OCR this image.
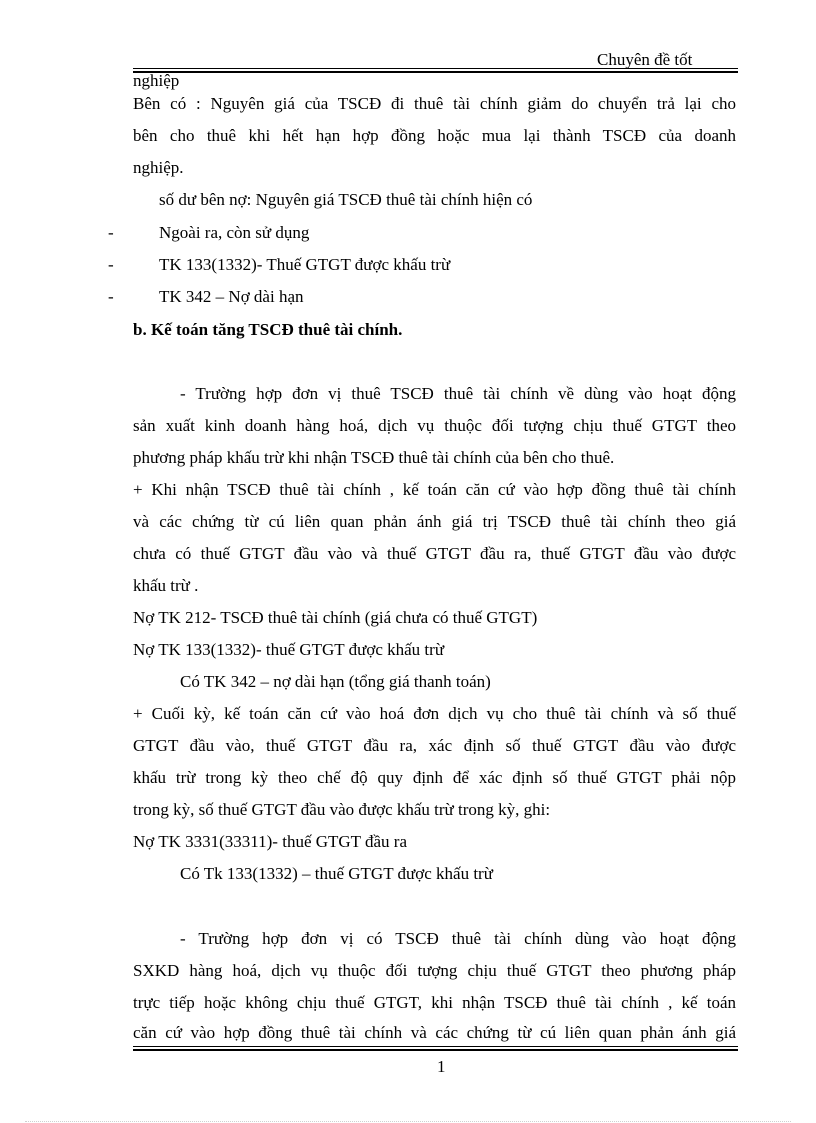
Chuyên đề tốt
nghiệp
Bên có : Nguyên giá của TSCĐ đi thuê tài chính giảm do chuyển trả lại cho
bên cho thuê khi hết hạn hợp đồng hoặc mua lại thành TSCĐ của doanh
nghiệp.
số dư bên nợ: Nguyên giá TSCĐ thuê tài chính hiện có
-	Ngoài ra, còn sử dụng
-	TK 133(1332)- Thuế GTGT được khấu trừ
-	TK 342 – Nợ dài hạn
b. Kế toán tăng TSCĐ thuê tài chính.
- Trường hợp đơn vị thuê TSCĐ thuê tài chính về dùng vào hoạt động
sản xuất kinh doanh hàng hoá, dịch vụ thuộc đối tượng chịu thuế GTGT theo
phương pháp khấu trừ khi nhận TSCĐ thuê tài chính của bên cho thuê.
+ Khi nhận TSCĐ thuê tài chính , kế toán căn cứ vào hợp đồng thuê tài chính
và các chứng từ cú liên quan phản ánh giá trị TSCĐ thuê tài chính theo giá
chưa có thuế GTGT đầu vào và thuế GTGT đầu ra, thuế GTGT đầu vào được
khấu trừ .
Nợ TK 212- TSCĐ thuê tài chính (giá chưa có thuế GTGT)
Nợ TK 133(1332)- thuế GTGT được khấu trừ
Có TK 342 – nợ dài hạn (tổng giá thanh toán)
+ Cuối kỳ, kế toán căn cứ vào hoá đơn dịch vụ cho thuê tài chính và số thuế
GTGT đầu vào, thuế GTGT đầu ra, xác định số thuế GTGT đầu vào được
khấu trừ trong kỳ theo chế độ quy định để xác định số thuế GTGT phải nộp
trong kỳ, số thuế GTGT đầu vào được khấu trừ trong kỳ, ghi:
Nợ TK 3331(33311)- thuế GTGT đầu ra
Có Tk 133(1332) – thuế GTGT được khấu trừ
- Trường hợp đơn vị có TSCĐ thuê tài chính dùng vào hoạt động
SXKD hàng hoá, dịch vụ thuộc đối tượng chịu thuế GTGT theo phương pháp
trực tiếp hoặc không chịu thuế GTGT, khi nhận TSCĐ thuê tài chính , kế toán
căn cứ vào hợp đồng thuê tài chính và các chứng từ cú liên quan phản ánh giá
1
